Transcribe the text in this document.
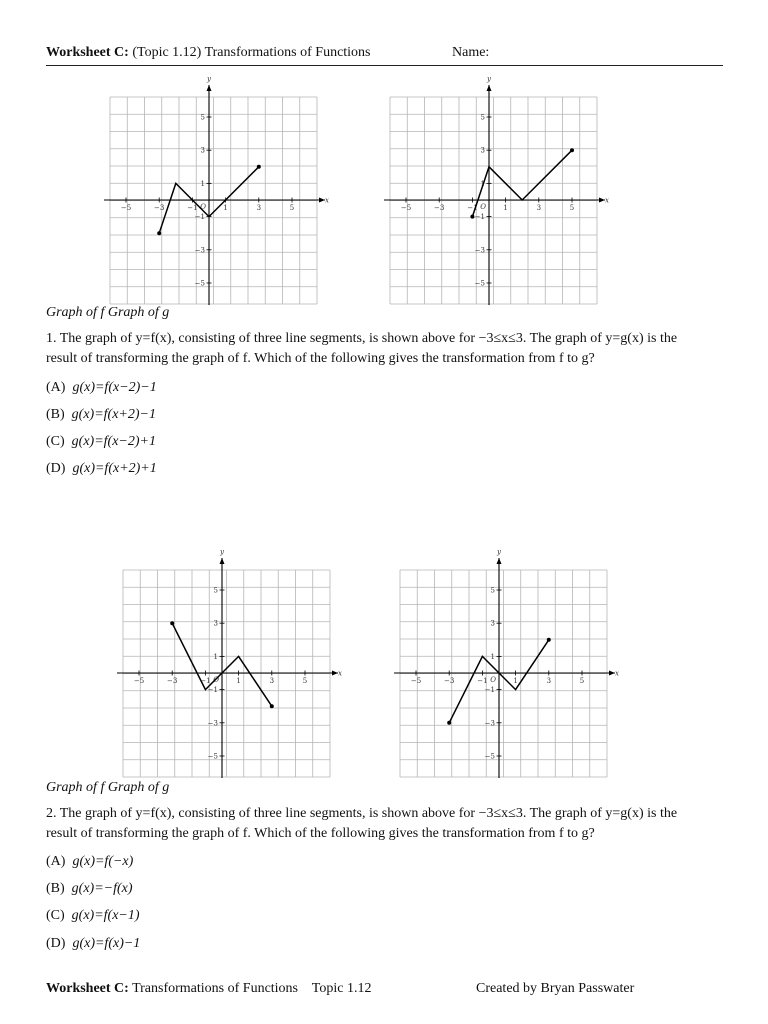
Worksheet C: (Topic 1.12) Transformations of Functions	Name:
−5
5
−3
3
−1
1
1
−1
3
−3
5
−5
O
x
y
−5
5
−3
3
−1
1
1
−1
3
−3
5
−5
O
x
y
−5
5
−3
3
−1
1
1
−1
3
−3
5
−5
O
x
y
−5
5
−3
3
−1
1
1
−1
3
−3
5
−5
O
x
y
Graph of f Graph of g
1. The graph of y=f(x), consisting of three line segments, is shown above for −3≤x≤3. The graph of y=g(x) is the
result of transforming the graph of f. Which of the following gives the transformation from f to g?
(A) g(x)=f(x−2)−1
(B) g(x)=f(x+2)−1
(C) g(x)=f(x−2)+1
(D) g(x)=f(x+2)+1
Graph of f Graph of g
2. The graph of y=f(x), consisting of three line segments, is shown above for −3≤x≤3. The graph of y=g(x) is the
result of transforming the graph of f. Which of the following gives the transformation from f to g?
(A) g(x)=f(−x)
(B) g(x)=−f(x)
(C) g(x)=f(x−1)
(D) g(x)=f(x)−1
Worksheet C: Transformations of Functions Topic 1.12	Created by Bryan Passwater
